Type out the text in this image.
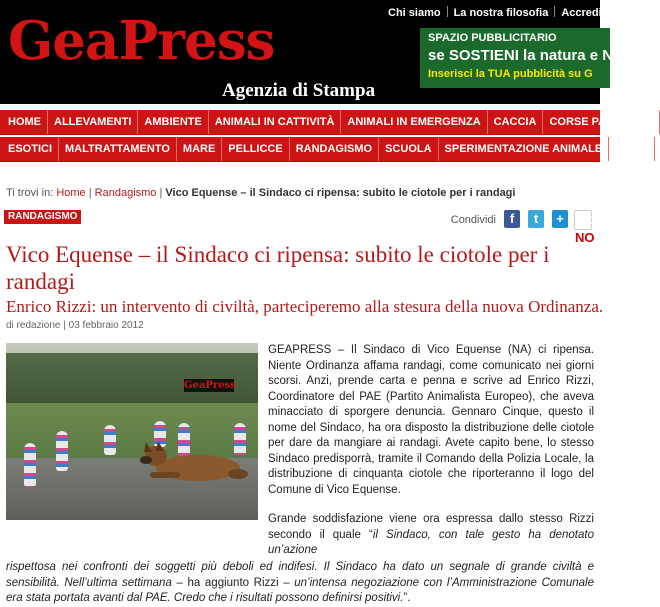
Chi siamo La nostra filosofia Accredito s
GeaPress
Agenzia di Stampa
SPAZIO PUBBLICITARIO
se SOSTIENI la natura e NO
Inserisci la TUA pubblicità su G
HOME ALLEVAMENTI AMBIENTE ANIMALI IN CATTIVITÀ ANIMALI IN EMERGENZA CACCIA CORSE PALII E GIO
ESOTICI MALTRATTAMENTO MARE PELLICCE RANDAGISMO SCUOLA SPERIMENTAZIONE ANIMALE ZOOM
Ti trovi in: Home | Randagismo | Vico Equense – il Sindaco ci ripensa: subito le ciotole per i randagi
RANDAGISMO	Condividi	f	t	+ Ok
NO
Vico Equense – il Sindaco ci ripensa: subito le ciotole per i randagi
Enrico Rizzi: un intervento di civiltà, parteciperemo alla stesura della nuova Ordinanza.
di redazione | 03 febbraio 2012
GeaPress

GEAPRESS – Il Sindaco di Vico Equense (NA) ci ripensa. Niente Ordinanza affama randagi, come comunicato nei giorni scorsi. Anzi, prende carta e penna e scrive ad Enrico Rizzi, Coordinatore del PAE (Partito Animalista Europeo), che aveva minacciato di sporgere denuncia. Gennaro Cinque, questo il nome del Sindaco, ha ora disposto la distribuzione delle ciotole per dare da mangiare ai randagi. Avete capito bene, lo stesso Sindaco predisporrà, tramite il Comando della Polizia Locale, la distribuzione di cinquanta ciotole che riporteranno il logo del Comune di Vico Equense.

Grande soddisfazione viene ora espressa dallo stesso Rizzi secondo il quale “il Sindaco, con tale gesto ha denotato un’azione
rispettosa nei confronti dei soggetti più deboli ed indifesi. Il Sindaco ha dato un segnale di grande civiltà e sensibilità. Nell’ultima settimana – ha aggiunto Rizzi – un’intensa negoziazione con l’Amministrazione Comunale era stata portata avanti dal PAE. Credo che i risultati possono definirsi positivi.”.
